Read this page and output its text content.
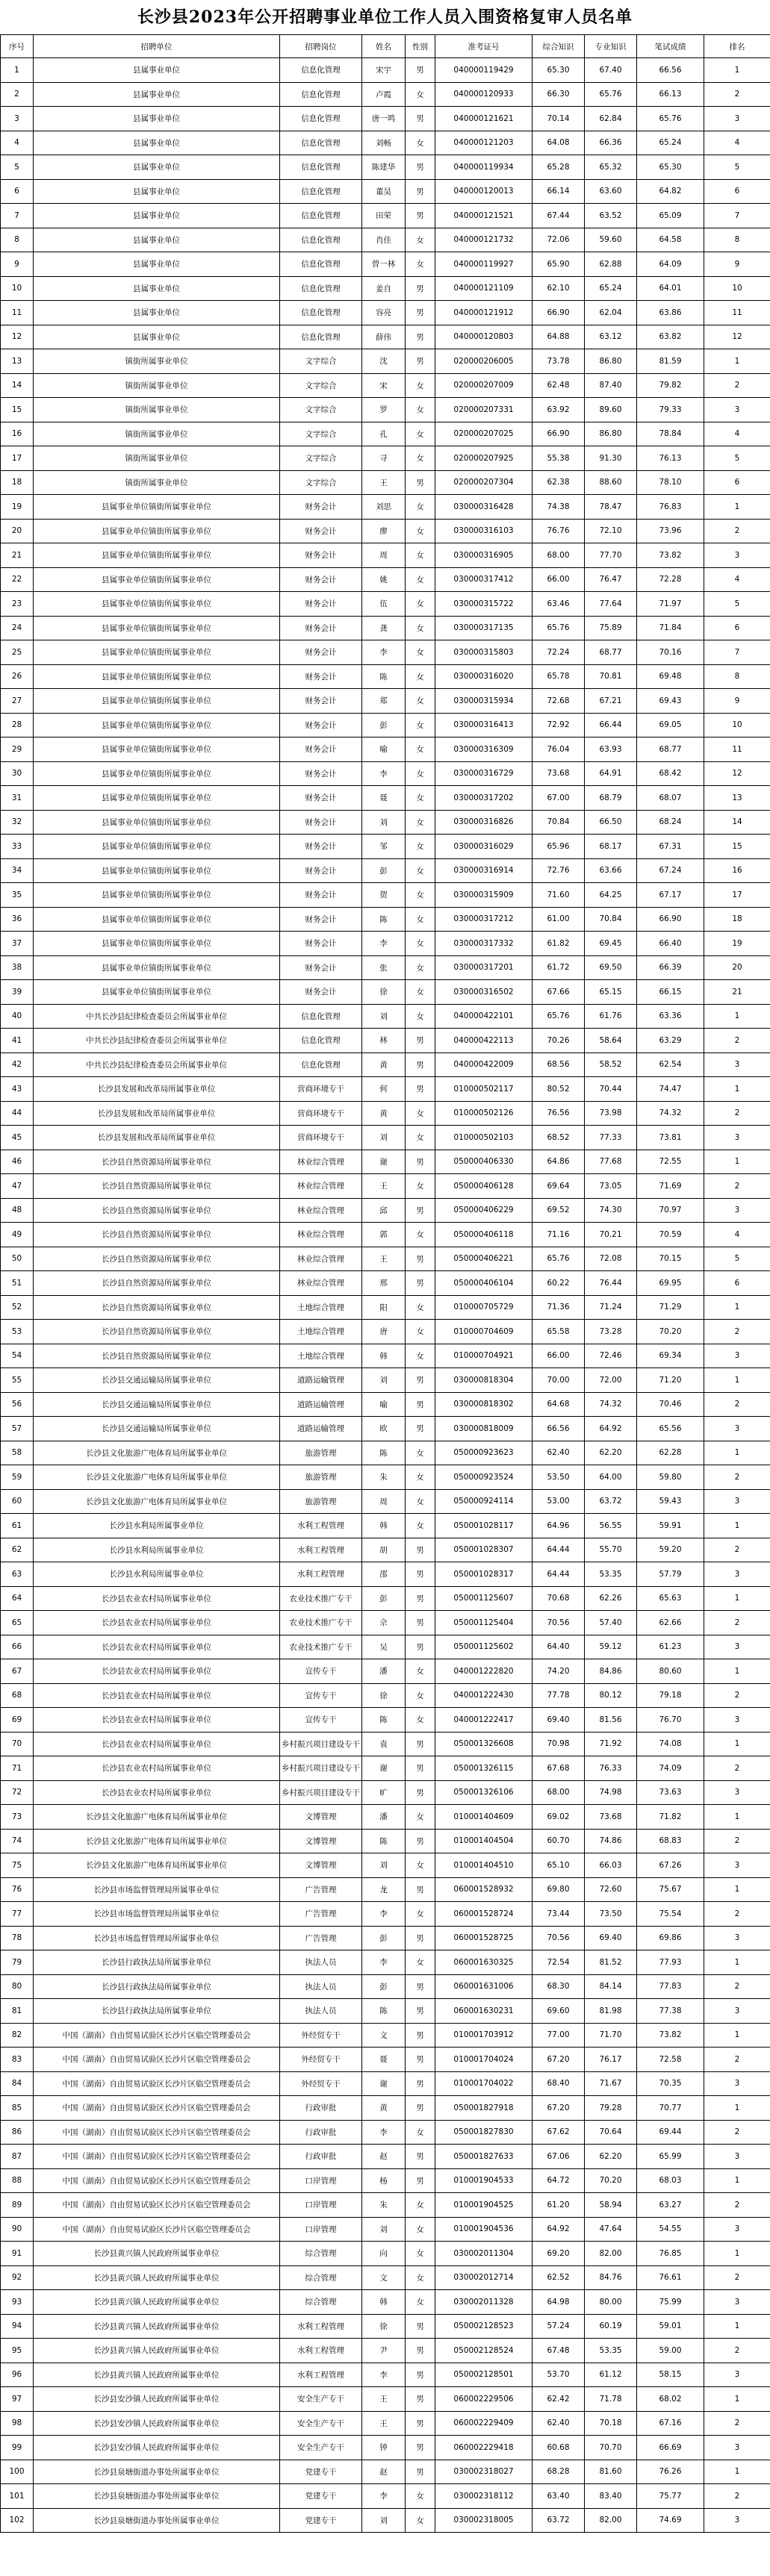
长沙县2023年公开招聘事业单位工作人员入围资格复审人员名单
序号	招聘单位	招聘岗位	姓名	性别	准考证号	综合知识	专业知识	笔试成绩	排名
1	县属事业单位	信息化管理	宋宇	男	040000119429	65.30	67.40	66.56	1
2	县属事业单位	信息化管理	卢霞	女	040000120933	66.30	65.76	66.13	2
3	县属事业单位	信息化管理	唐一鸣	男	040000121621	70.14	62.84	65.76	3
4	县属事业单位	信息化管理	刘畅	女	040000121203	64.08	66.36	65.24	4
5	县属事业单位	信息化管理	陈建华	男	040000119934	65.28	65.32	65.30	5
6	县属事业单位	信息化管理	董昊	男	040000120013	66.14	63.60	64.82	6
7	县属事业单位	信息化管理	田荣	男	040000121521	67.44	63.52	65.09	7
8	县属事业单位	信息化管理	肖佳	女	040000121732	72.06	59.60	64.58	8
9	县属事业单位	信息化管理	曾一林	女	040000119927	65.90	62.88	64.09	9
10	县属事业单位	信息化管理	姜自	男	040000121109	62.10	65.24	64.01	10
11	县属事业单位	信息化管理	容亮	男	040000121912	66.90	62.04	63.86	11
12	县属事业单位	信息化管理	薛伟	男	040000120803	64.88	63.12	63.82	12
13	镇街所属事业单位	文字综合	沈	男	020000206005	73.78	86.80	81.59	1
14	镇街所属事业单位	文字综合	宋	女	020000207009	62.48	87.40	79.82	2
15	镇街所属事业单位	文字综合	罗	女	020000207331	63.92	89.60	79.33	3
16	镇街所属事业单位	文字综合	孔	女	020000207025	66.90	86.80	78.84	4
17	镇街所属事业单位	文字综合	寻	女	020000207925	55.38	91.30	76.13	5
18	镇街所属事业单位	文字综合	王	男	020000207304	62.38	88.60	78.10	6
19	县属事业单位镇街所属事业单位	财务会计	刘思	女	030000316428	74.38	78.47	76.83	1
20	县属事业单位镇街所属事业单位	财务会计	廖	女	030000316103	76.76	72.10	73.96	2
21	县属事业单位镇街所属事业单位	财务会计	周	女	030000316905	68.00	77.70	73.82	3
22	县属事业单位镇街所属事业单位	财务会计	姚	女	030000317412	66.00	76.47	72.28	4
23	县属事业单位镇街所属事业单位	财务会计	伍	女	030000315722	63.46	77.64	71.97	5
24	县属事业单位镇街所属事业单位	财务会计	龚	女	030000317135	65.76	75.89	71.84	6
25	县属事业单位镇街所属事业单位	财务会计	李	女	030000315803	72.24	68.77	70.16	7
26	县属事业单位镇街所属事业单位	财务会计	陈	女	030000316020	65.78	70.81	69.48	8
27	县属事业单位镇街所属事业单位	财务会计	郑	女	030000315934	72.68	67.21	69.43	9
28	县属事业单位镇街所属事业单位	财务会计	彭	女	030000316413	72.92	66.44	69.05	10
29	县属事业单位镇街所属事业单位	财务会计	喻	女	030000316309	76.04	63.93	68.77	11
30	县属事业单位镇街所属事业单位	财务会计	李	女	030000316729	73.68	64.91	68.42	12
31	县属事业单位镇街所属事业单位	财务会计	聂	女	030000317202	67.00	68.79	68.07	13
32	县属事业单位镇街所属事业单位	财务会计	刘	女	030000316826	70.84	66.50	68.24	14
33	县属事业单位镇街所属事业单位	财务会计	邹	女	030000316029	65.96	68.17	67.31	15
34	县属事业单位镇街所属事业单位	财务会计	彭	女	030000316914	72.76	63.66	67.24	16
35	县属事业单位镇街所属事业单位	财务会计	贺	女	030000315909	71.60	64.25	67.17	17
36	县属事业单位镇街所属事业单位	财务会计	陈	女	030000317212	61.00	70.84	66.90	18
37	县属事业单位镇街所属事业单位	财务会计	李	女	030000317332	61.82	69.45	66.40	19
38	县属事业单位镇街所属事业单位	财务会计	张	女	030000317201	61.72	69.50	66.39	20
39	县属事业单位镇街所属事业单位	财务会计	徐	女	030000316502	67.66	65.15	66.15	21
40	中共长沙县纪律检查委员会所属事业单位	信息化管理	刘	女	040000422101	65.76	61.76	63.36	1
41	中共长沙县纪律检查委员会所属事业单位	信息化管理	林	男	040000422113	70.26	58.64	63.29	2
42	中共长沙县纪律检查委员会所属事业单位	信息化管理	黄	男	040000422009	68.56	58.52	62.54	3
43	长沙县发展和改革局所属事业单位	营商环境专干	何	男	010000502117	80.52	70.44	74.47	1
44	长沙县发展和改革局所属事业单位	营商环境专干	黄	女	010000502126	76.56	73.98	74.32	2
45	长沙县发展和改革局所属事业单位	营商环境专干	刘	女	010000502103	68.52	77.33	73.81	3
46	长沙县自然资源局所属事业单位	林业综合管理	谢	男	050000406330	64.86	77.68	72.55	1
47	长沙县自然资源局所属事业单位	林业综合管理	王	女	050000406128	69.64	73.05	71.69	2
48	长沙县自然资源局所属事业单位	林业综合管理	邱	男	050000406229	69.52	74.30	70.97	3
49	长沙县自然资源局所属事业单位	林业综合管理	郭	女	050000406118	71.16	70.21	70.59	4
50	长沙县自然资源局所属事业单位	林业综合管理	王	男	050000406221	65.76	72.08	70.15	5
51	长沙县自然资源局所属事业单位	林业综合管理	邢	男	050000406104	60.22	76.44	69.95	6
52	长沙县自然资源局所属事业单位	土地综合管理	阳	女	010000705729	71.36	71.24	71.29	1
53	长沙县自然资源局所属事业单位	土地综合管理	唐	女	010000704609	65.58	73.28	70.20	2
54	长沙县自然资源局所属事业单位	土地综合管理	韩	女	010000704921	66.00	72.46	69.34	3
55	长沙县交通运输局所属事业单位	道路运输管理	刘	男	030000818304	70.00	72.00	71.20	1
56	长沙县交通运输局所属事业单位	道路运输管理	喻	男	030000818302	64.68	74.32	70.46	2
57	长沙县交通运输局所属事业单位	道路运输管理	欧	男	030000818009	66.56	64.92	65.56	3
58	长沙县文化旅游广电体育局所属事业单位	旅游管理	陈	女	050000923623	62.40	62.20	62.28	1
59	长沙县文化旅游广电体育局所属事业单位	旅游管理	朱	女	050000923524	53.50	64.00	59.80	2
60	长沙县文化旅游广电体育局所属事业单位	旅游管理	周	女	050000924114	53.00	63.72	59.43	3
61	长沙县水利局所属事业单位	水利工程管理	韩	女	050001028117	64.96	56.55	59.91	1
62	长沙县水利局所属事业单位	水利工程管理	胡	男	050001028307	64.44	55.70	59.20	2
63	长沙县水利局所属事业单位	水利工程管理	邵	男	050001028317	64.44	53.35	57.79	3
64	长沙县农业农村局所属事业单位	农业技术推广专干	彭	男	050001125607	70.68	62.26	65.63	1
65	长沙县农业农村局所属事业单位	农业技术推广专干	佘	男	050001125404	70.56	57.40	62.66	2
66	长沙县农业农村局所属事业单位	农业技术推广专干	吴	男	050001125602	64.40	59.12	61.23	3
67	长沙县农业农村局所属事业单位	宣传专干	潘	女	040001222820	74.20	84.86	80.60	1
68	长沙县农业农村局所属事业单位	宣传专干	徐	女	040001222430	77.78	80.12	79.18	2
69	长沙县农业农村局所属事业单位	宣传专干	陈	女	040001222417	69.40	81.56	76.70	3
70	长沙县农业农村局所属事业单位	乡村振兴项目建设专干	袁	男	050001326608	70.98	71.92	74.08	1
71	长沙县农业农村局所属事业单位	乡村振兴项目建设专干	谢	男	050001326115	67.68	76.33	74.09	2
72	长沙县农业农村局所属事业单位	乡村振兴项目建设专干	旷	男	050001326106	68.00	74.98	73.63	3
73	长沙县文化旅游广电体育局所属事业单位	文博管理	潘	女	010001404609	69.02	73.68	71.82	1
74	长沙县文化旅游广电体育局所属事业单位	文博管理	陈	男	010001404504	60.70	74.86	68.83	2
75	长沙县文化旅游广电体育局所属事业单位	文博管理	刘	女	010001404510	65.10	66.03	67.26	3
76	长沙县市场监督管理局所属事业单位	广告管理	龙	男	060001528932	69.80	72.60	75.67	1
77	长沙县市场监督管理局所属事业单位	广告管理	李	女	060001528724	73.44	73.50	75.54	2
78	长沙县市场监督管理局所属事业单位	广告管理	彭	男	060001528725	70.56	69.40	69.86	3
79	长沙县行政执法局所属事业单位	执法人员	李	女	060001630325	72.54	81.52	77.93	1
80	长沙县行政执法局所属事业单位	执法人员	彭	男	060001631006	68.30	84.14	77.83	2
81	长沙县行政执法局所属事业单位	执法人员	陈	男	060001630231	69.60	81.98	77.38	3
82	中国（湖南）自由贸易试验区长沙片区临空管理委员会	外经贸专干	文	男	010001703912	77.00	71.70	73.82	1
83	中国（湖南）自由贸易试验区长沙片区临空管理委员会	外经贸专干	聂	男	010001704024	67.20	76.17	72.58	2
84	中国（湖南）自由贸易试验区长沙片区临空管理委员会	外经贸专干	谢	男	010001704022	68.40	71.67	70.35	3
85	中国（湖南）自由贸易试验区长沙片区临空管理委员会	行政审批	黄	男	050001827918	67.20	79.28	70.77	1
86	中国（湖南）自由贸易试验区长沙片区临空管理委员会	行政审批	李	女	050001827830	67.62	70.64	69.44	2
87	中国（湖南）自由贸易试验区长沙片区临空管理委员会	行政审批	赵	男	050001827633	67.06	62.20	65.99	3
88	中国（湖南）自由贸易试验区长沙片区临空管理委员会	口岸管理	杨	男	010001904533	64.72	70.20	68.03	1
89	中国（湖南）自由贸易试验区长沙片区临空管理委员会	口岸管理	朱	女	010001904525	61.20	58.94	63.27	2
90	中国（湖南）自由贸易试验区长沙片区临空管理委员会	口岸管理	刘	女	010001904536	64.92	47.64	54.55	3
91	长沙县黄兴镇人民政府所属事业单位	综合管理	向	女	030002011304	69.20	82.00	76.85	1
92	长沙县黄兴镇人民政府所属事业单位	综合管理	文	女	030002012714	62.52	84.76	76.61	2
93	长沙县黄兴镇人民政府所属事业单位	综合管理	韩	女	030002011328	64.98	80.00	75.99	3
94	长沙县黄兴镇人民政府所属事业单位	水利工程管理	徐	男	050002128523	57.24	60.19	59.01	1
95	长沙县黄兴镇人民政府所属事业单位	水利工程管理	尹	男	050002128524	67.48	53.35	59.00	2
96	长沙县黄兴镇人民政府所属事业单位	水利工程管理	李	男	050002128501	53.70	61.12	58.15	3
97	长沙县安沙镇人民政府所属事业单位	安全生产专干	王	男	060002229506	62.42	71.78	68.02	1
98	长沙县安沙镇人民政府所属事业单位	安全生产专干	王	男	060002229409	62.40	70.18	67.16	2
99	长沙县安沙镇人民政府所属事业单位	安全生产专干	钟	男	060002229418	60.68	70.70	66.69	3
100	长沙县泉塘街道办事处所属事业单位	党建专干	赵	男	030002318027	68.28	81.60	76.26	1
101	长沙县泉塘街道办事处所属事业单位	党建专干	李	女	030002318112	63.40	83.40	75.77	2
102	长沙县泉塘街道办事处所属事业单位	党建专干	刘	女	030002318005	63.72	82.00	74.69	3
